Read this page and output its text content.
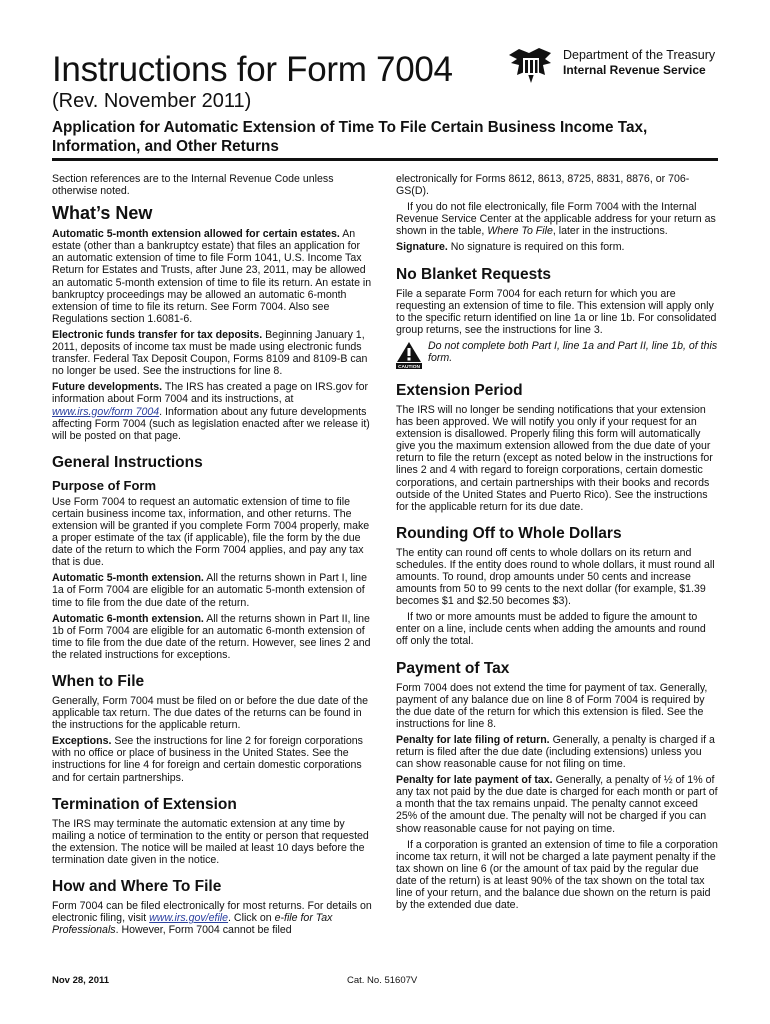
Instructions for Form 7004
(Rev. November 2011)
Application for Automatic Extension of Time To File Certain Business Income Tax, Information, and Other Returns
Department of the Treasury
Internal Revenue Service

Section references are to the Internal Revenue Code unless otherwise noted.

What’s New

Automatic 5-month extension allowed for certain estates. An estate (other than a bankruptcy estate) that files an application for an automatic extension of time to file Form 1041, U.S. Income Tax Return for Estates and Trusts, after June 23, 2011, may be allowed an automatic 5-month extension of time to file its return. An estate in bankruptcy proceedings may be allowed an automatic 6-month extension of time to file its return. See Form 7004. Also see Regulations section 1.6081-6.

Electronic funds transfer for tax deposits. Beginning January 1, 2011, deposits of income tax must be made using electronic funds transfer. Federal Tax Deposit Coupon, Forms 8109 and 8109-B can no longer be used. See the instructions for line 8.

Future developments. The IRS has created a page on IRS.gov for information about Form 7004 and its instructions, at www.irs.gov/form 7004. Information about any future developments affecting Form 7004 (such as legislation enacted after we release it) will be posted on that page.

General Instructions
Purpose of Form

Use Form 7004 to request an automatic extension of time to file certain business income tax, information, and other returns. The extension will be granted if you complete Form 7004 properly, make a proper estimate of the tax (if applicable), file the form by the due date of the return to which the Form 7004 applies, and pay any tax that is due.

Automatic 5-month extension. All the returns shown in Part I, line 1a of Form 7004 are eligible for an automatic 5-month extension of time to file from the due date of the return.

Automatic 6-month extension. All the returns shown in Part II, line 1b of Form 7004 are eligible for an automatic 6-month extension of time to file from the due date of the return. However, see lines 2 and the related instructions for exceptions.

When to File

Generally, Form 7004 must be filed on or before the due date of the applicable tax return. The due dates of the returns can be found in the instructions for the applicable return.

Exceptions. See the instructions for line 2 for foreign corporations with no office or place of business in the United States. See the instructions for line 4 for foreign and certain domestic corporations and for certain partnerships.

Termination of Extension

The IRS may terminate the automatic extension at any time by mailing a notice of termination to the entity or person that requested the extension. The notice will be mailed at least 10 days before the termination date given in the notice.

How and Where To File

Form 7004 can be filed electronically for most returns. For details on electronic filing, visit www.irs.gov/efile. Click on e-file for Tax Professionals. However, Form 7004 cannot be filed

electronically for Forms 8612, 8613, 8725, 8831, 8876, or 706-GS(D).

If you do not file electronically, file Form 7004 with the Internal Revenue Service Center at the applicable address for your return as shown in the table, Where To File, later in the instructions.

Signature. No signature is required on this form.

No Blanket Requests

File a separate Form 7004 for each return for which you are requesting an extension of time to file. This extension will apply only to the specific return identified on line 1a or line 1b. For consolidated group returns, see the instructions for line 3.

CAUTION
Do not complete both Part I, line 1a and Part II, line 1b, of this form.
Extension Period

The IRS will no longer be sending notifications that your extension has been approved. We will notify you only if your request for an extension is disallowed. Properly filing this form will automatically give you the maximum extension allowed from the due date of your return to file the return (except as noted below in the instructions for lines 2 and 4 with regard to foreign corporations, certain domestic corporations, and certain partnerships with their books and records outside of the United States and Puerto Rico). See the instructions for the applicable return for its due date.

Rounding Off to Whole Dollars

The entity can round off cents to whole dollars on its return and schedules. If the entity does round to whole dollars, it must round all amounts. To round, drop amounts under 50 cents and increase amounts from 50 to 99 cents to the next dollar (for example, $1.39 becomes $1 and $2.50 becomes $3).

If two or more amounts must be added to figure the amount to enter on a line, include cents when adding the amounts and round off only the total.

Payment of Tax

Form 7004 does not extend the time for payment of tax. Generally, payment of any balance due on line 8 of Form 7004 is required by the due date of the return for which this extension is filed. See the instructions for line 8.

Penalty for late filing of return. Generally, a penalty is charged if a return is filed after the due date (including extensions) unless you can show reasonable cause for not filing on time.

Penalty for late payment of tax. Generally, a penalty of ½ of 1% of any tax not paid by the due date is charged for each month or part of a month that the tax remains unpaid. The penalty cannot exceed 25% of the amount due. The penalty will not be charged if you can show reasonable cause for not paying on time.

If a corporation is granted an extension of time to file a corporation income tax return, it will not be charged a late payment penalty if the tax shown on line 6 (or the amount of tax paid by the regular due date of the return) is at least 90% of the tax shown on the total tax line of your return, and the balance due shown on the return is paid by the extended due date.

Nov 28, 2011	Cat. No. 51607V
